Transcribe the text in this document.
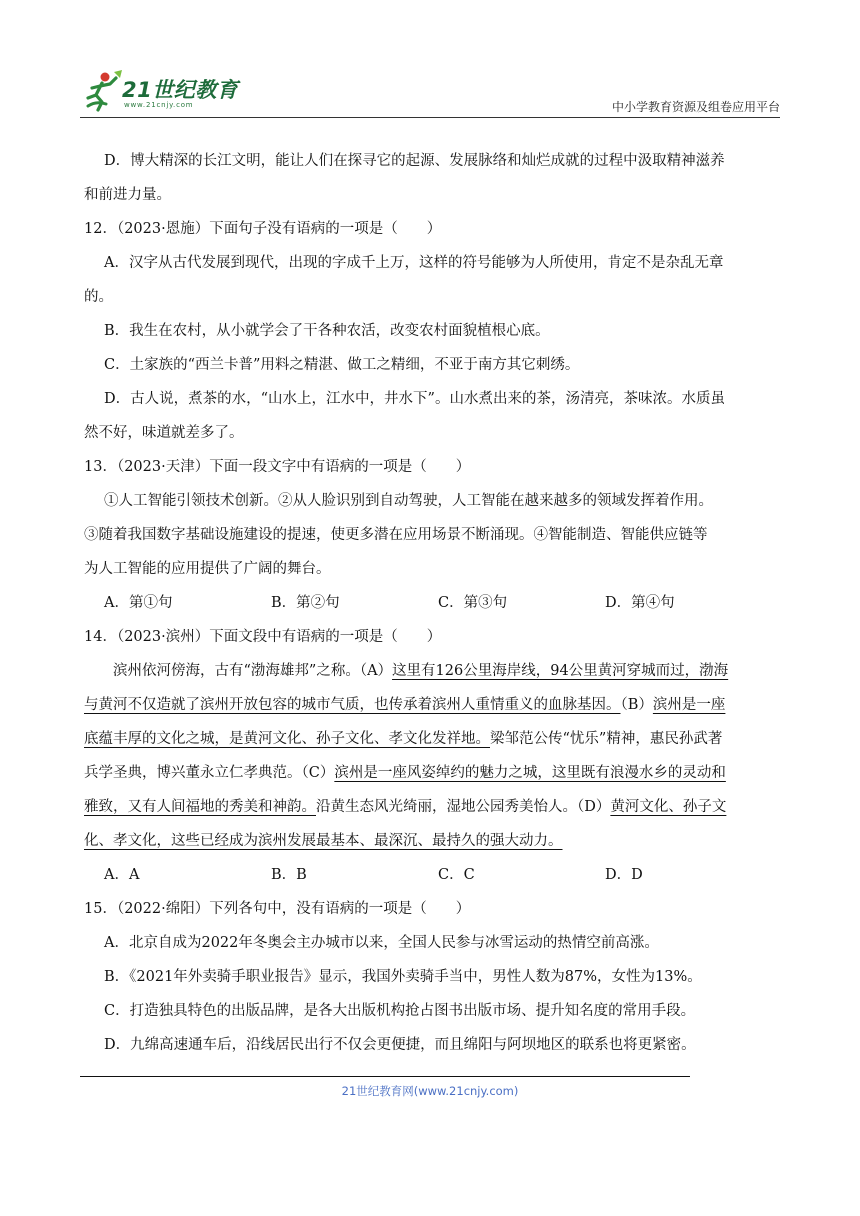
21世纪教育
www.21cnjy.com	中小学教育资源及组卷应用平台

D．博大精深的长江文明，能让人们在探寻它的起源、发展脉络和灿烂成就的过程中汲取精神滋养

和前进力量。

12．（2023·恩施）下面句子没有语病的一项是（　　）

A．汉字从古代发展到现代，出现的字成千上万，这样的符号能够为人所使用，肯定不是杂乱无章

的。

B．我生在农村，从小就学会了干各种农活，改变农村面貌植根心底。

C．土家族的“西兰卡普”用料之精湛、做工之精细，不亚于南方其它刺绣。

D．古人说，煮茶的水，“山水上，江水中，井水下”。山水煮出来的茶，汤清亮，茶味浓。水质虽

然不好，味道就差多了。

13．（2023·天津）下面一段文字中有语病的一项是（　　）

①人工智能引领技术创新。②从人脸识别到自动驾驶，人工智能在越来越多的领域发挥着作用。

③随着我国数字基础设施建设的提速，使更多潜在应用场景不断涌现。④智能制造、智能供应链等

为人工智能的应用提供了广阔的舞台。

A．第①句	B．第②句	C．第③句	D．第④句

14．（2023·滨州）下面文段中有语病的一项是（　　）

滨州依河傍海，古有“渤海雄邦”之称。（A）这里有126公里海岸线，94公里黄河穿城而过，渤海

与黄河不仅造就了滨州开放包容的城市气质，也传承着滨州人重情重义的血脉基因。（B）滨州是一座

底蕴丰厚的文化之城，是黄河文化、孙子文化、孝文化发祥地。梁邹范公传“忧乐”精神，惠民孙武著

兵学圣典，博兴董永立仁孝典范。（C）滨州是一座风姿绰约的魅力之城，这里既有浪漫水乡的灵动和

雅致，又有人间福地的秀美和神韵。沿黄生态风光绮丽，湿地公园秀美怡人。（D）黄河文化、孙子文

化、孝文化，这些已经成为滨州发展最基本、最深沉、最持久的强大动力。

A．A	B．B	C．C	D．D

15．（2022·绵阳）下列各句中，没有语病的一项是（　　）

A．北京自成为2022年冬奥会主办城市以来，全国人民参与冰雪运动的热情空前高涨。

B．《2021年外卖骑手职业报告》显示，我国外卖骑手当中，男性人数为87%，女性为13%。

C．打造独具特色的出版品牌，是各大出版机构抢占图书出版市场、提升知名度的常用手段。

D．九绵高速通车后，沿线居民出行不仅会更便捷，而且绵阳与阿坝地区的联系也将更紧密。

21世纪教育网(www.21cnjy.com)
